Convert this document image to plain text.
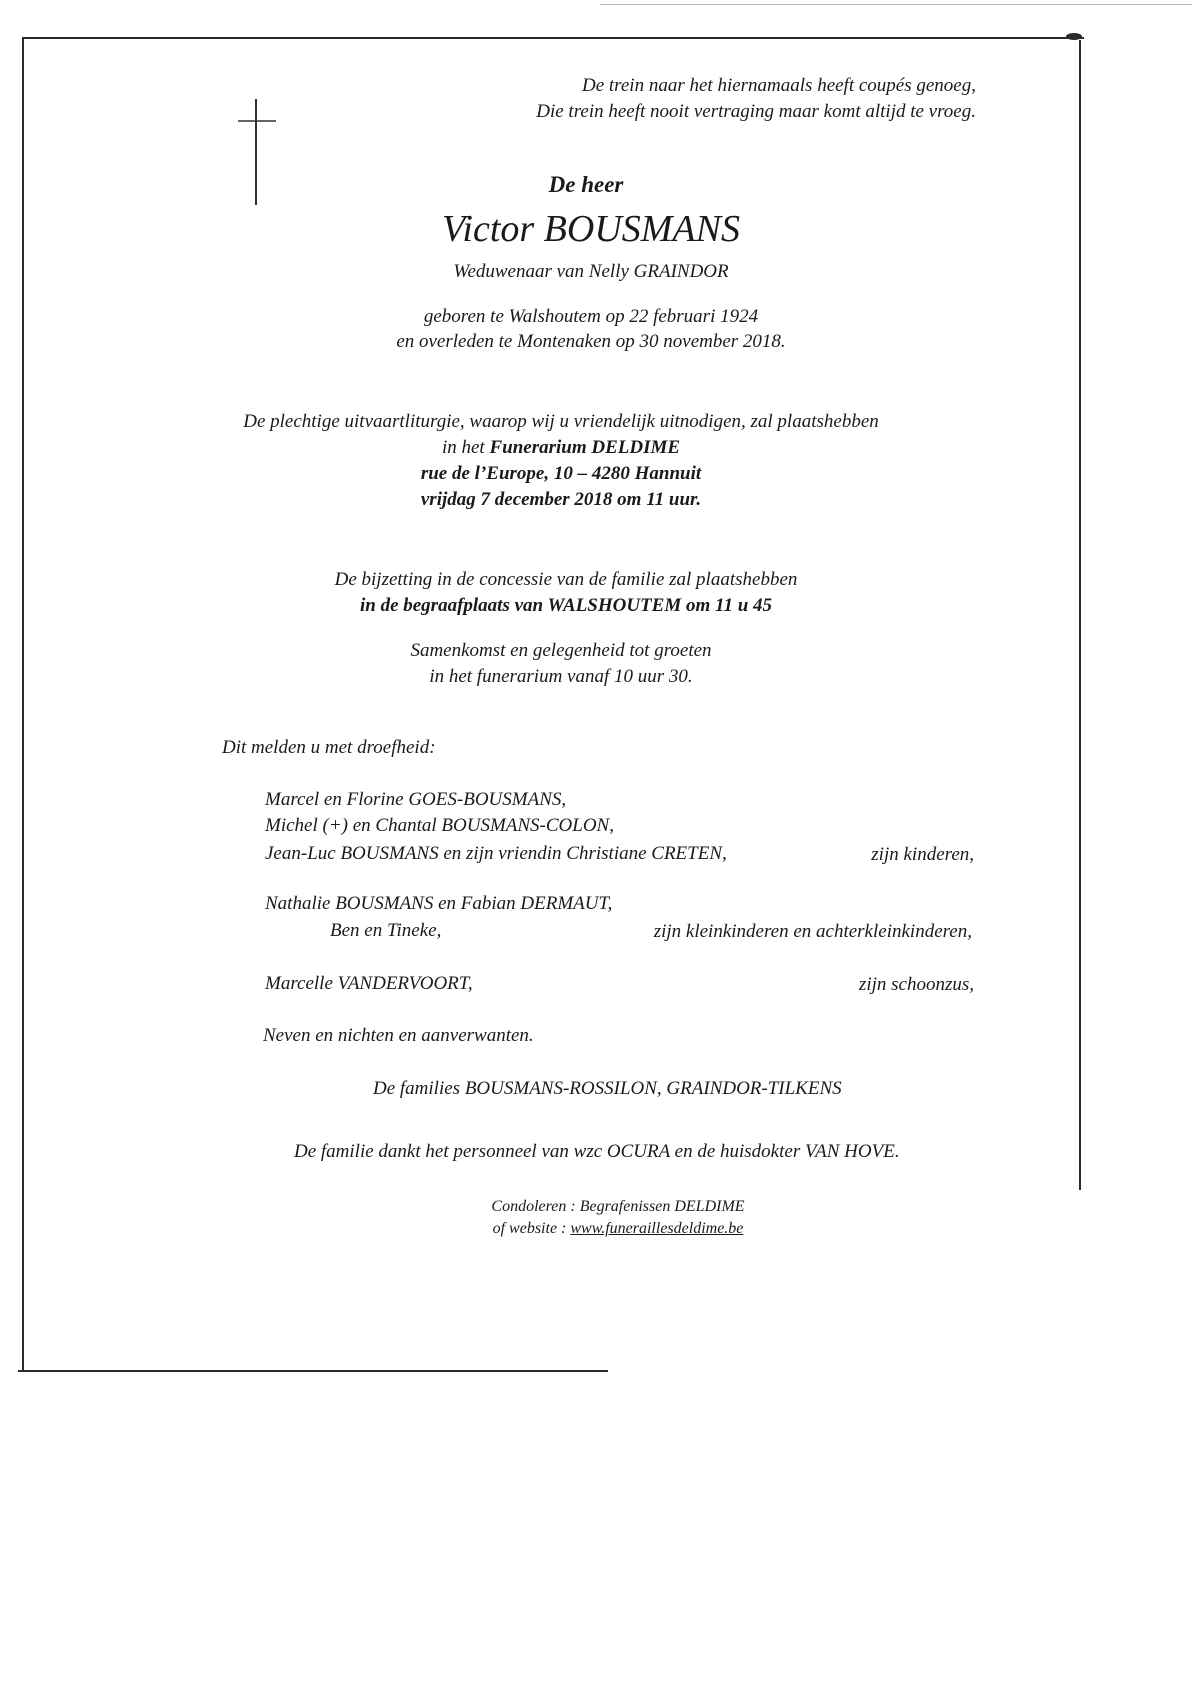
De trein naar het hiernamaals heeft coupés genoeg,
Die trein heeft nooit vertraging maar komt altijd te vroeg.
De heer
Victor BOUSMANS
Weduwenaar van Nelly GRAINDOR
geboren te Walshoutem op 22 februari 1924
en overleden te Montenaken op 30 november 2018.
De plechtige uitvaartliturgie, waarop wij u vriendelijk uitnodigen, zal plaatshebben
in het Funerarium DELDIME
rue de l’Europe, 10 – 4280 Hannuit
vrijdag 7 december 2018 om 11 uur.
De bijzetting in de concessie van de familie zal plaatshebben
in de begraafplaats van WALSHOUTEM om 11 u 45
Samenkomst en gelegenheid tot groeten
in het funerarium vanaf 10 uur 30.
Dit melden u met droefheid:
Marcel en Florine GOES-BOUSMANS,
Michel (+) en Chantal BOUSMANS-COLON,
Jean-Luc BOUSMANS en zijn vriendin Christiane CRETEN,	zijn kinderen,
Nathalie BOUSMANS en Fabian DERMAUT,
Ben en Tineke,	zijn kleinkinderen en achterkleinkinderen,
Marcelle VANDERVOORT,	zijn schoonzus,
Neven en nichten en aanverwanten.
De families BOUSMANS-ROSSILON, GRAINDOR-TILKENS
De familie dankt het personneel van wzc OCURA en de huisdokter VAN HOVE.
Condoleren : Begrafenissen DELDIME
of website : www.funeraillesdeldime.be
